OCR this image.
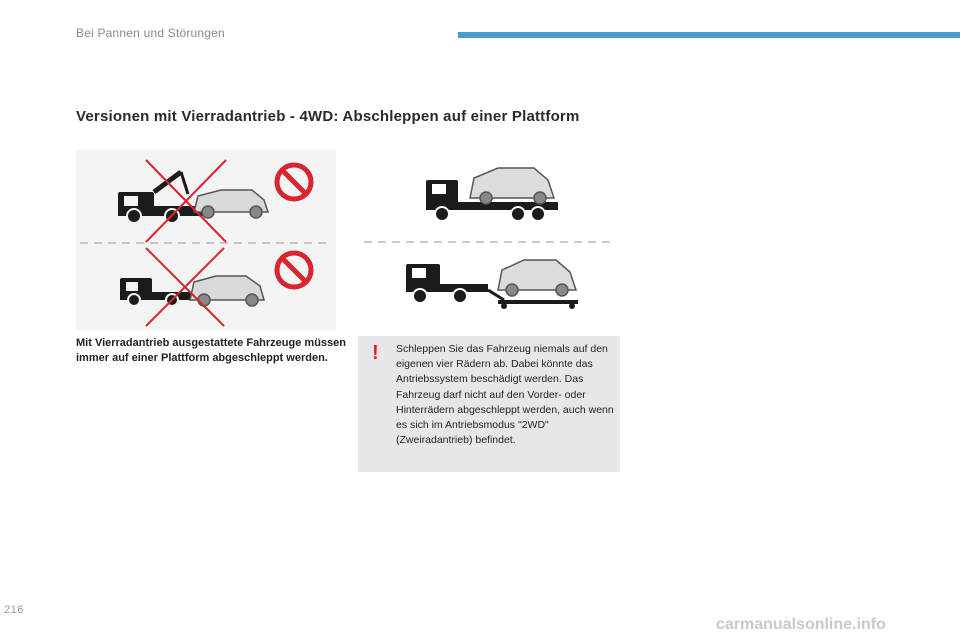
Bei Pannen und Störungen
Versionen mit Vierradantrieb - 4WD: Abschleppen auf einer Plattform

Mit Vierradantrieb ausgestattete Fahrzeuge müssen immer auf einer Plattform abgeschleppt werden.	! Schleppen Sie das Fahrzeug niemals auf den eigenen vier Rädern ab. Dabei könnte das Antriebssystem beschädigt werden. Das Fahrzeug darf nicht auf den Vorder- oder Hinterrädern abgeschleppt werden, auch wenn es sich im Antriebsmodus "2WD" (Zweiradantrieb) befindet.

216
carmanualsonline.info
